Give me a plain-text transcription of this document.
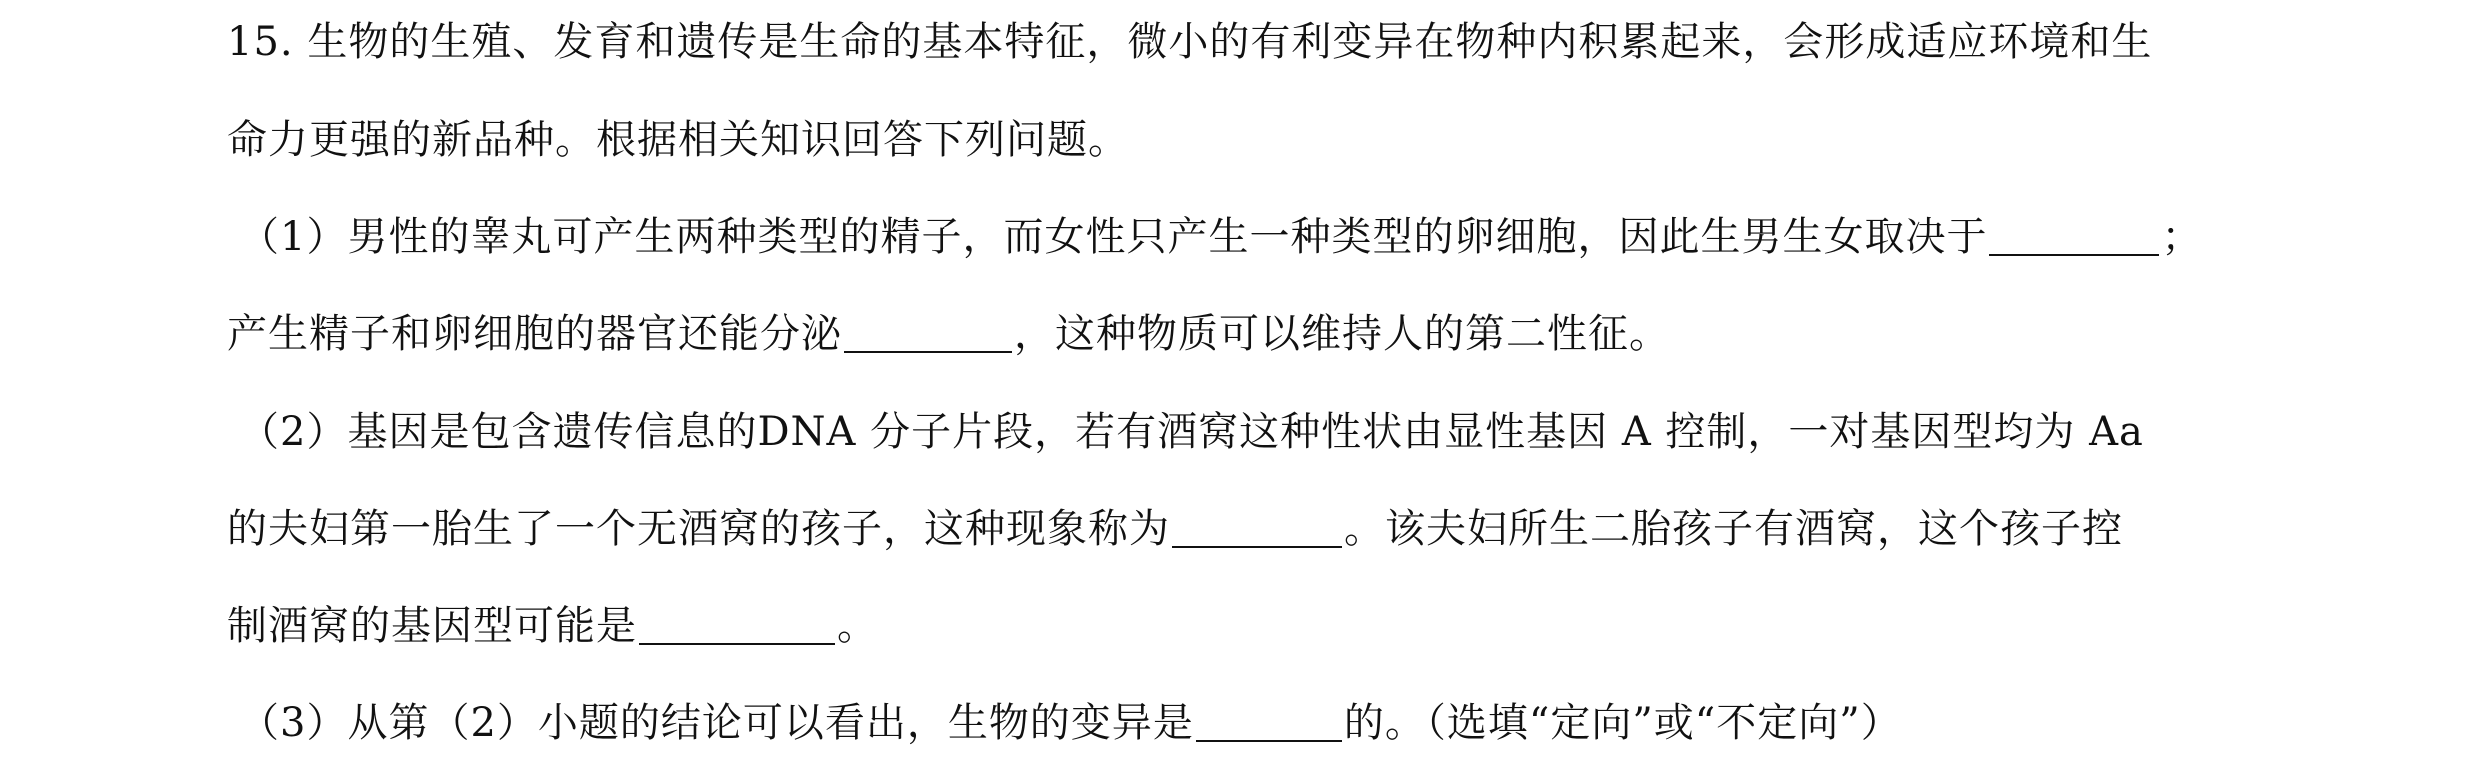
15. 生物的生殖、发育和遗传是生命的基本特征，微小的有利变异在物种内积累起来，会形成适应环境和生
命力更强的新品种。根据相关知识回答下列问题。
（1）男性的睾丸可产生两种类型的精子，而女性只产生一种类型的卵细胞，因此生男生女取决于	；
产生精子和卵细胞的器官还能分泌	，这种物质可以维持人的第二性征。
（2）基因是包含遗传信息的DNA 分子片段，若有酒窝这种性状由显性基因 A 控制，一对基因型均为 Aa
的夫妇第一胎生了一个无酒窝的孩子，这种现象称为	。该夫妇所生二胎孩子有酒窝，这个孩子控
制酒窝的基因型可能是	。
（3）从第（2）小题的结论可以看出，生物的变异是	的。（选填“定向”或“不定向”）
